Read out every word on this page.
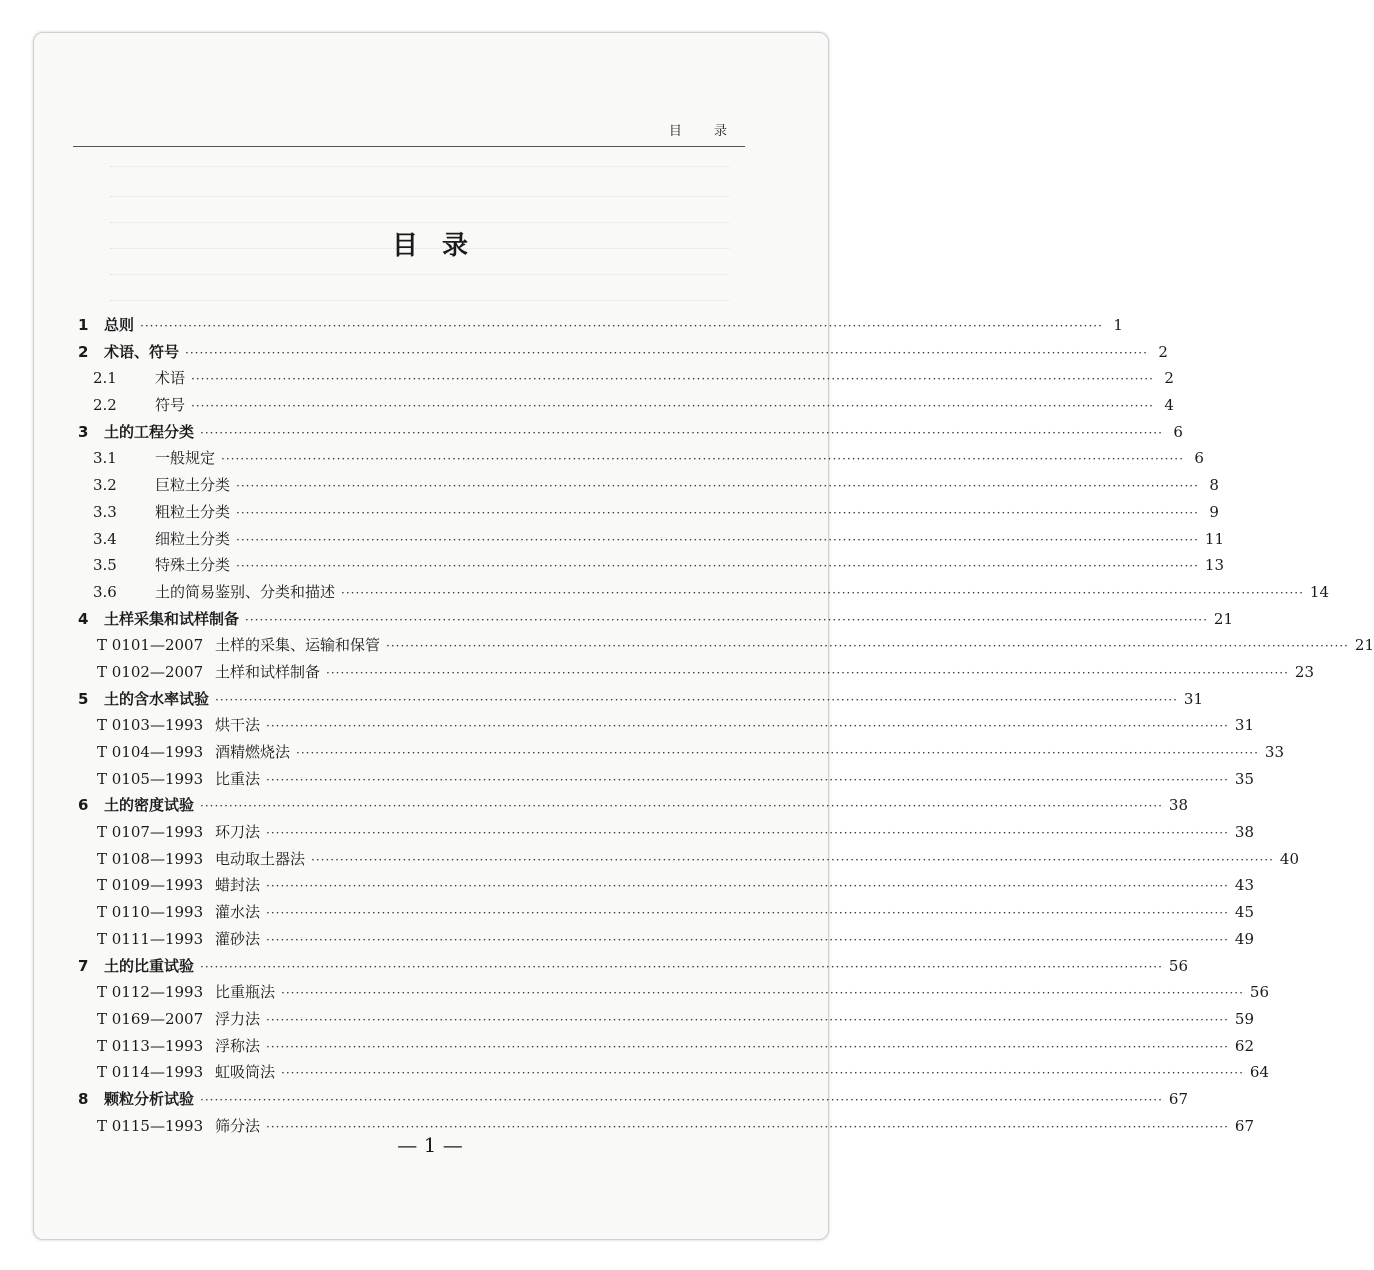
目 录
目录
1	总则 ········································································································································································································ 1
2	术语、符号 ········································································································································································································ 2
2.1	术语 ········································································································································································································ 2
2.2	符号 ········································································································································································································ 4
3	土的工程分类 ········································································································································································································ 6
3.1	一般规定 ········································································································································································································ 6
3.2	巨粒土分类 ········································································································································································································ 8
3.3	粗粒土分类 ········································································································································································································ 9
3.4	细粒土分类 ········································································································································································································ 11
3.5	特殊土分类 ········································································································································································································ 13
3.6	土的简易鉴别、分类和描述 ········································································································································································································ 14
4	土样采集和试样制备 ········································································································································································································ 21
T 0101—2007 土样的采集、运输和保管 ········································································································································································································ 21
T 0102—2007 土样和试样制备 ········································································································································································································ 23
5	土的含水率试验 ········································································································································································································ 31
T 0103—1993 烘干法 ········································································································································································································ 31
T 0104—1993 酒精燃烧法 ········································································································································································································ 33
T 0105—1993 比重法 ········································································································································································································ 35
6	土的密度试验 ········································································································································································································ 38
T 0107—1993 环刀法 ········································································································································································································ 38
T 0108—1993 电动取土器法 ········································································································································································································ 40
T 0109—1993 蜡封法 ········································································································································································································ 43
T 0110—1993 灌水法 ········································································································································································································ 45
T 0111—1993 灌砂法 ········································································································································································································ 49
7	土的比重试验 ········································································································································································································ 56
T 0112—1993 比重瓶法 ········································································································································································································ 56
T 0169—2007 浮力法 ········································································································································································································ 59
T 0113—1993 浮称法 ········································································································································································································ 62
T 0114—1993 虹吸筒法 ········································································································································································································ 64
8	颗粒分析试验 ········································································································································································································ 67
T 0115—1993 筛分法 ········································································································································································································ 67
— 1 —
